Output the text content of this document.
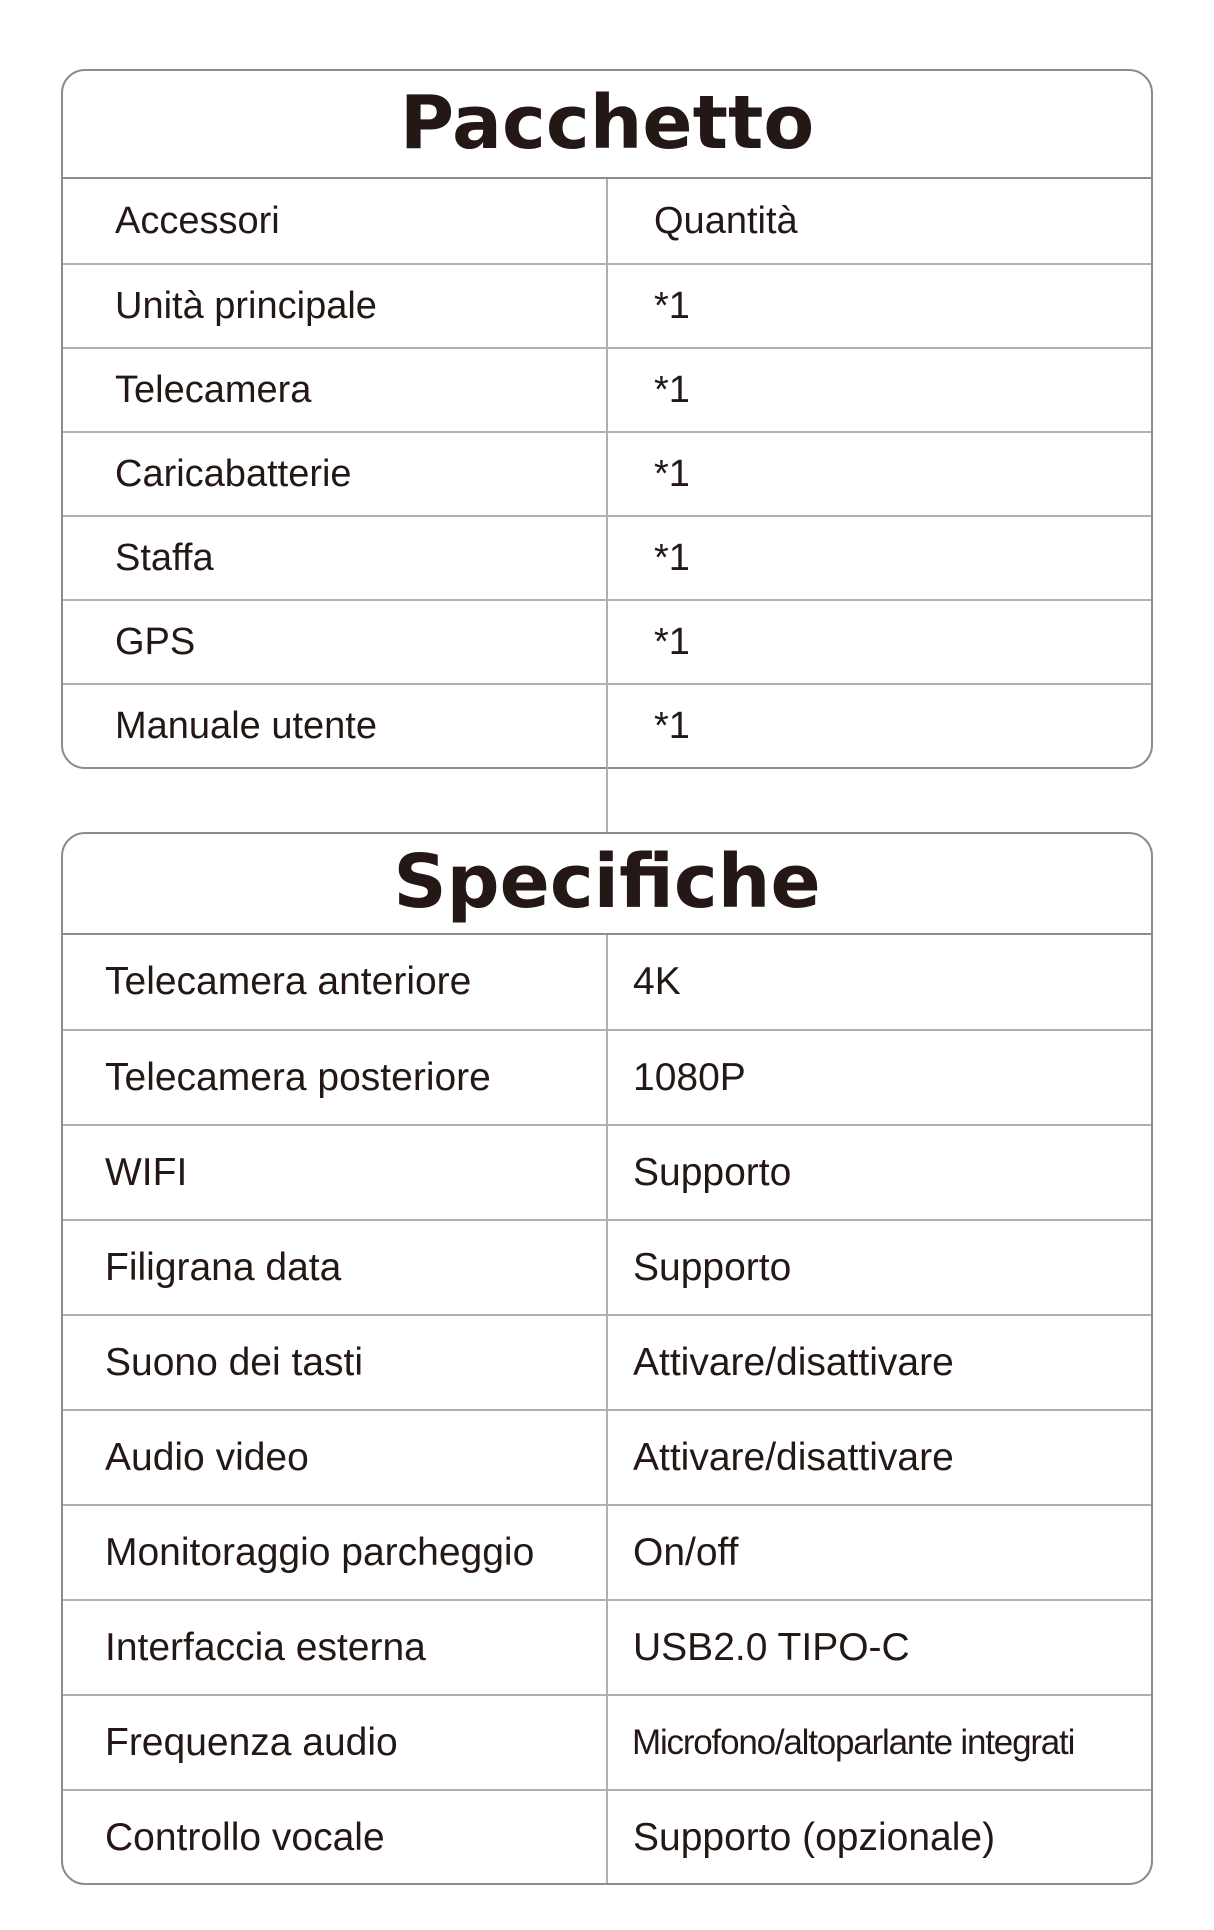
Pacchetto
Accessori	Quantità
Unità principale	*1
Telecamera	*1
Caricabatterie	*1
Staffa	*1
GPS	*1
Manuale utente	*1
Specifiche
Telecamera anteriore	4K
Telecamera posteriore	1080P
WIFI	Supporto
Filigrana data	Supporto
Suono dei tasti	Attivare/disattivare
Audio video	Attivare/disattivare
Monitoraggio parcheggio	On/off
Interfaccia esterna	USB2.0 TIPO-C
Frequenza audio	Microfono/altoparlante integrati
Controllo vocale	Supporto (opzionale)
